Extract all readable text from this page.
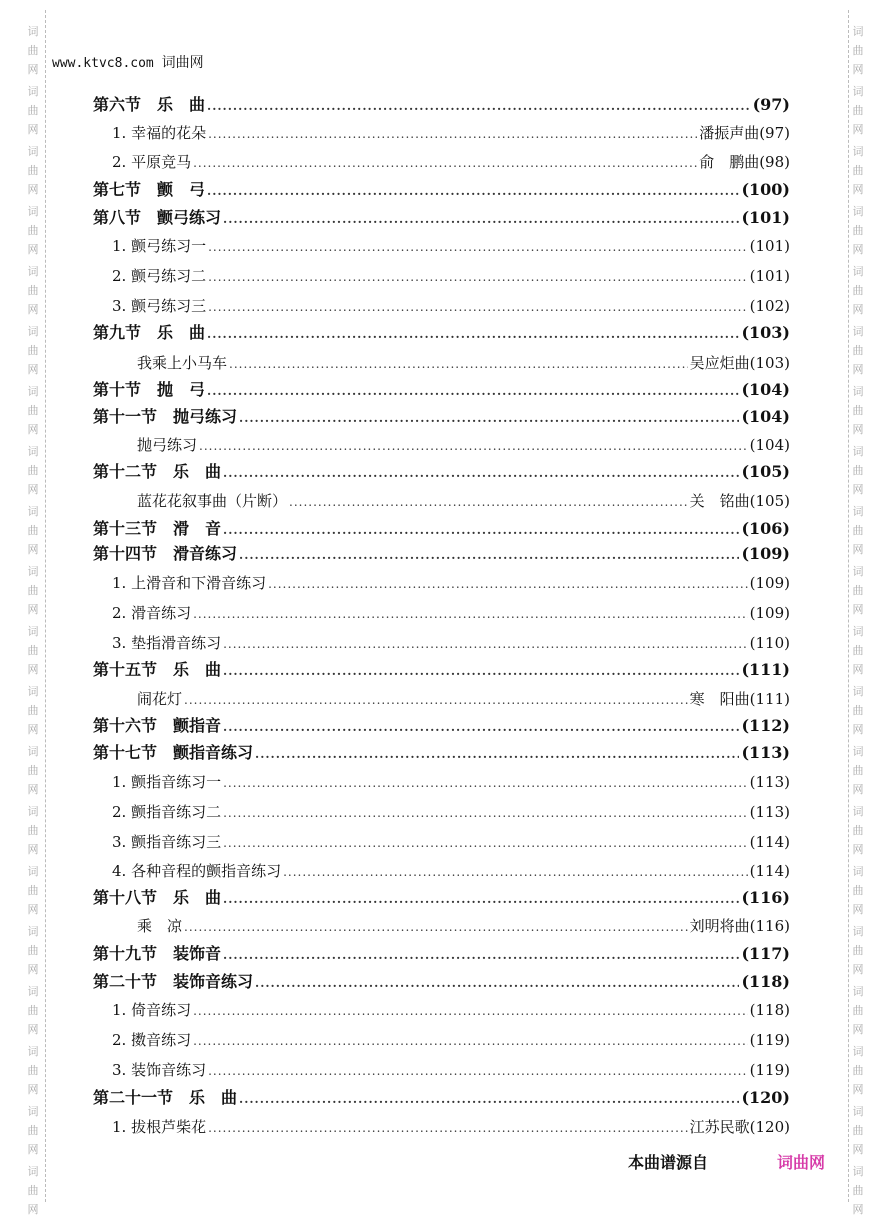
词
曲
网
词
曲
网
词
曲
网
词
曲
网
词
曲
网
词
曲
网
词
曲
网
词
曲
网
词
曲
网
词
曲
网
词
曲
网
词
曲
网
词
曲
网
词
曲
网
词
曲
网
词
曲
网
词
曲
网
词
曲
网
词
曲
网
词
曲
网
词
曲
网
词
曲
网
词
曲
网
词
曲
网
词
曲
网
词
曲
网
词
曲
网
词
曲
网
词
曲
网
词
曲
网
词
曲
网
词
曲
网
词
曲
网
词
曲
网
词
曲
网
词
曲
网
词
曲
网
词
曲
网
词
曲
网
词
曲
网
www.ktvc8.com 词曲网
第六节　乐　曲 .....	(97)
1. 幸福的花朵 .....	潘振声曲 (97)
2. 平原竞马 .....	俞　鹏曲 (98)
第七节　颤　弓 .....	(100)
第八节　颤弓练习 .....	(101)
1. 颤弓练习一 .....	(101)
2. 颤弓练习二 .....	(101)
3. 颤弓练习三 .....	(102)
第九节　乐　曲 .....	(103)
我乘上小马车 .....	吴应炬曲 (103)
第十节　抛　弓 .....	(104)
第十一节　抛弓练习 .....	(104)
抛弓练习 .....	(104)
第十二节　乐　曲 .....	(105)
蓝花花叙事曲（片断） .....	关　铭曲 (105)
第十三节　滑　音 .....	(106)
第十四节　滑音练习 .....	(109)
1. 上滑音和下滑音练习 .....	(109)
2. 滑音练习 .....	(109)
3. 垫指滑音练习 .....	(110)
第十五节　乐　曲 .....	(111)
闹花灯 .....	寒　阳曲 (111)
第十六节　颤指音 .....	(112)
第十七节　颤指音练习 .....	(113)
1. 颤指音练习一 .....	(113)
2. 颤指音练习二 .....	(113)
3. 颤指音练习三 .....	(114)
4. 各种音程的颤指音练习 .....	(114)
第十八节　乐　曲 .....	(116)
乘　凉 .....	刘明将曲 (116)
第十九节　装饰音 .....	(117)
第二十节　装饰音练习 .....	(118)
1. 倚音练习 .....	(118)
2. 擞音练习 .....	(119)
3. 装饰音练习 .....	(119)
第二十一节　乐　曲 .....	(120)
1. 拔根芦柴花 .....	江苏民歌 (120)
本曲谱源自	词曲网
